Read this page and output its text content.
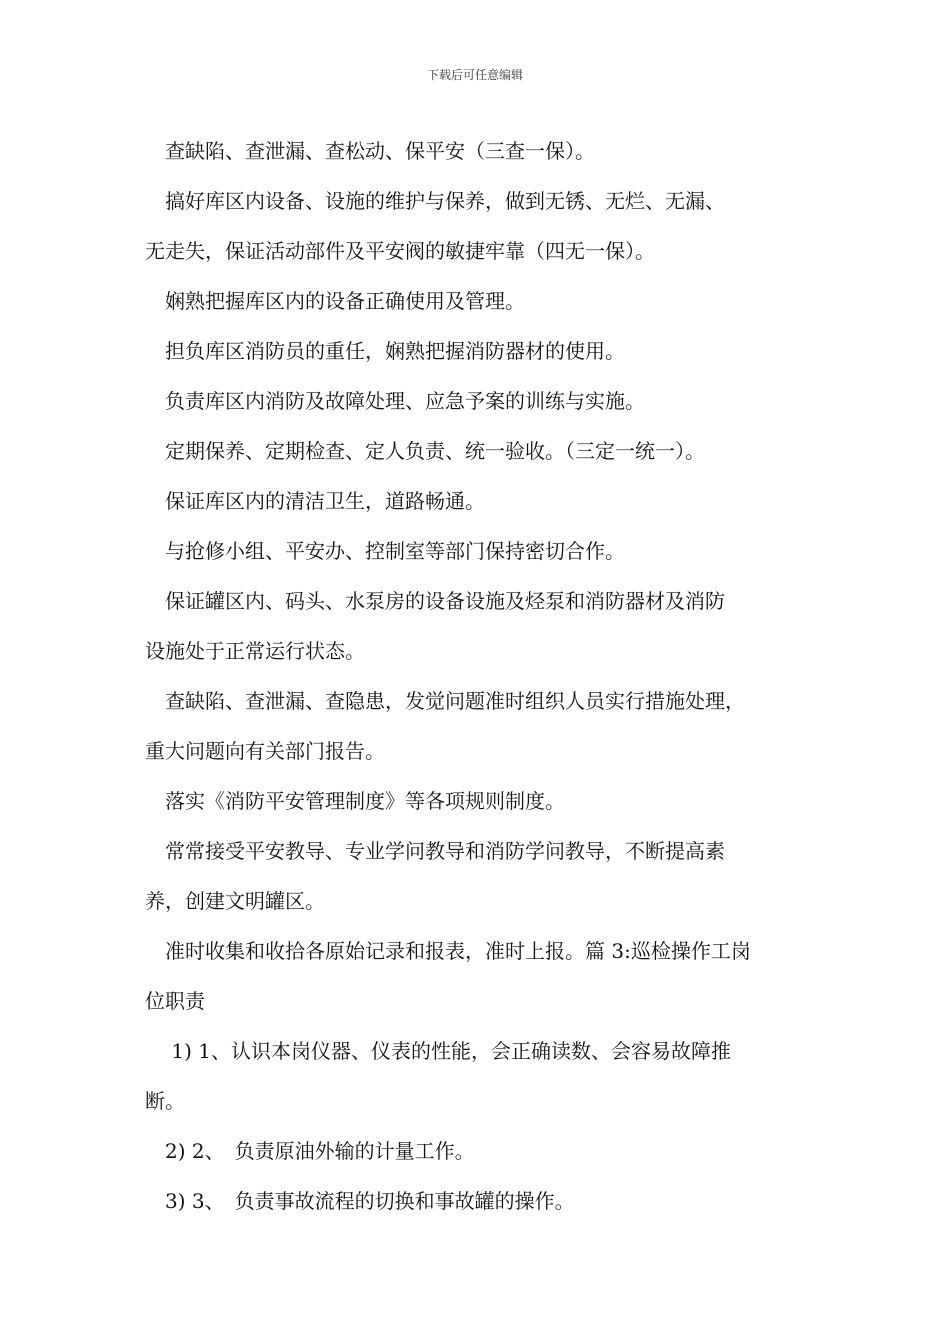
下载后可任意编辑
　查缺陷、查泄漏、查松动、保平安（三查一保）。
　搞好库区内设备、设施的维护与保养，做到无锈、无烂、无漏、
无走失，保证活动部件及平安阀的敏捷牢靠（四无一保）。
　娴熟把握库区内的设备正确使用及管理。
　担负库区消防员的重任，娴熟把握消防器材的使用。
　负责库区内消防及故障处理、应急予案的训练与实施。
　定期保养、定期检查、定人负责、统一验收。（三定一统一）。
　保证库区内的清洁卫生，道路畅通。
　与抢修小组、平安办、控制室等部门保持密切合作。
　保证罐区内、码头、水泵房的设备设施及烃泵和消防器材及消防
设施处于正常运行状态。
　查缺陷、查泄漏、查隐患，发觉问题准时组织人员实行措施处理，
重大问题向有关部门报告。
　落实《消防平安管理制度》等各项规则制度。
　常常接受平安教导、专业学问教导和消防学问教导，不断提高素
养，创建文明罐区。
　准时收集和收拾各原始记录和报表，准时上报。篇 3:巡检操作工岗
位职责
　 1) 1、认识本岗仪器、仪表的性能，会正确读数、会容易故障推
断。
　2) 2、　负责原油外输的计量工作。
　3) 3、　负责事故流程的切换和事故罐的操作。
